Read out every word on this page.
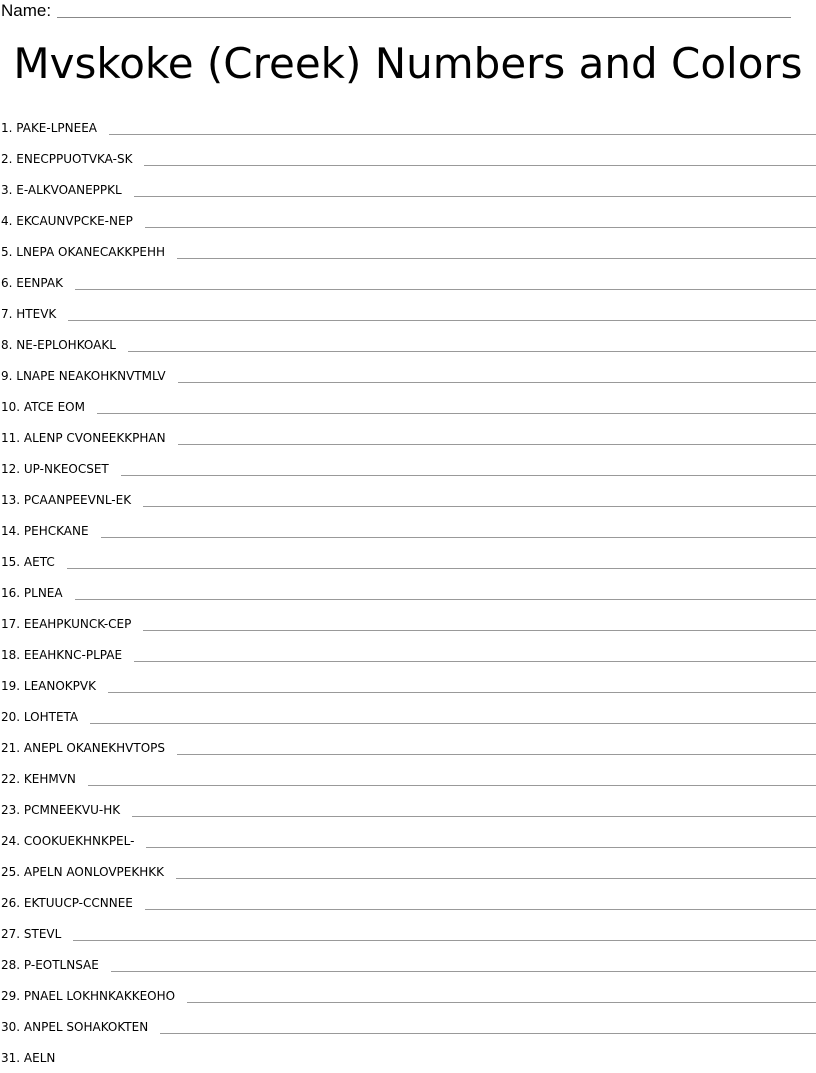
Name:
Mvskoke (Creek) Numbers and Colors
1. PAKE-LPNEEA
2. ENECPPUOTVKA-SK
3. E-ALKVOANEPPKL
4. EKCAUNVPCKE-NEP
5. LNEPA OKANECAKKPEHH
6. EENPAK
7. HTEVK
8. NE-EPLOHKOAKL
9. LNAPE NEAKOHKNVTMLV
10. ATCE EOM
11. ALENP CVONEEKKPHAN
12. UP-NKEOCSET
13. PCAANPEEVNL-EK
14. PEHCKANE
15. AETC
16. PLNEA
17. EEAHPKUNCK-CEP
18. EEAHKNC-PLPAE
19. LEANOKPVK
20. LOHTETA
21. ANEPL OKANEKHVTOPS
22. KEHMVN
23. PCMNEEKVU-HK
24. COOKUEKHNKPEL-
25. APELN AONLOVPEKHKK
26. EKTUUCP-CCNNEE
27. STEVL
28. P-EOTLNSAE
29. PNAEL LOKHNKAKKEOHO
30. ANPEL SOHAKOKTEN
31. AELN
